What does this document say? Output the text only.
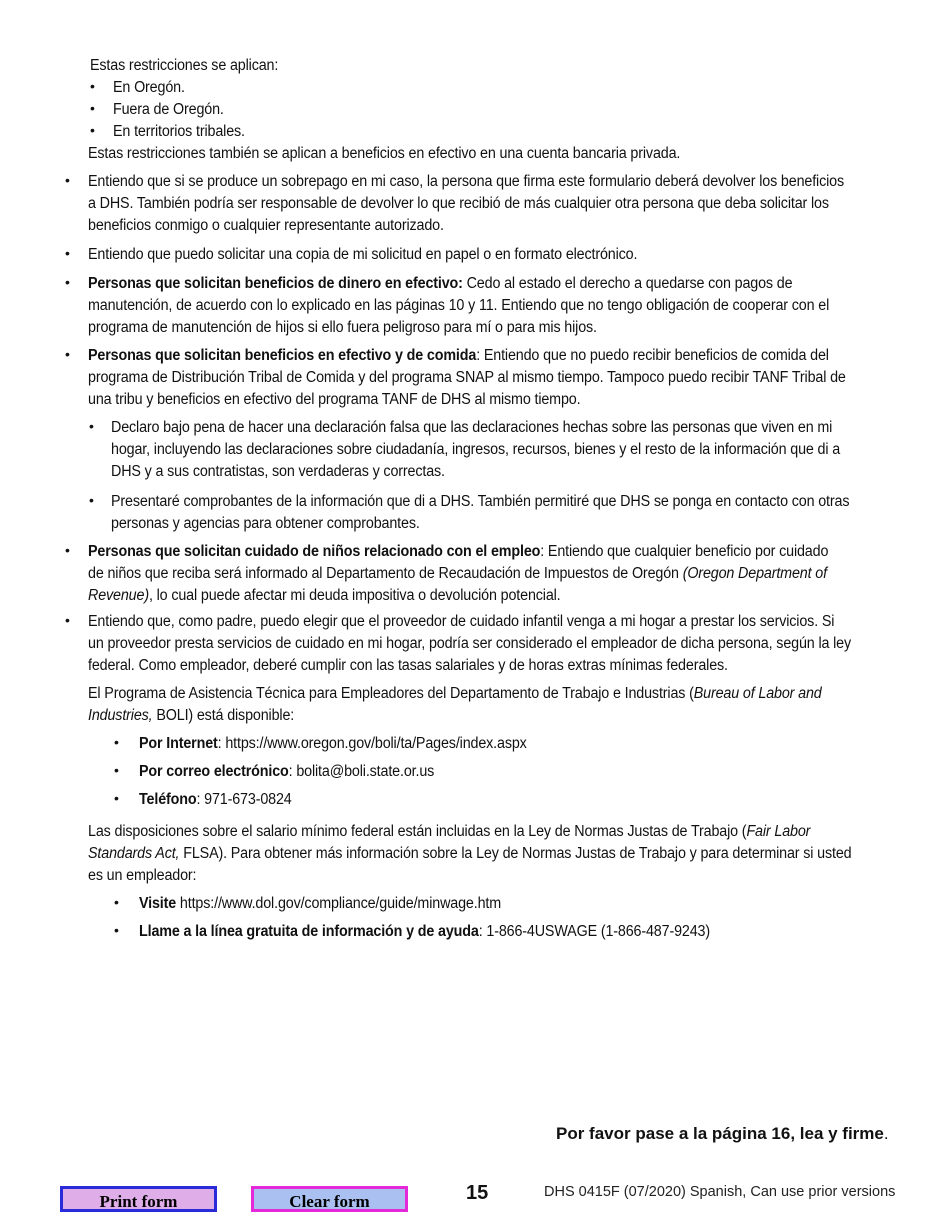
Estas restricciones se aplican:
• En Oregón.
• Fuera de Oregón.
• En territorios tribales.
Estas restricciones también se aplican a beneficios en efectivo en una cuenta bancaria privada.
• Entiendo que si se produce un sobrepago en mi caso, la persona que firma este formulario deberá devolver los beneficios
a DHS. También podría ser responsable de devolver lo que recibió de más cualquier otra persona que deba solicitar los
beneficios conmigo o cualquier representante autorizado.
• Entiendo que puedo solicitar una copia de mi solicitud en papel o en formato electrónico.
• Personas que solicitan beneficios de dinero en efectivo: Cedo al estado el derecho a quedarse con pagos de
manutención, de acuerdo con lo explicado en las páginas 10 y 11. Entiendo que no tengo obligación de cooperar con el
programa de manutención de hijos si ello fuera peligroso para mí o para mis hijos.
• Personas que solicitan beneficios en efectivo y de comida: Entiendo que no puedo recibir beneficios de comida del
programa de Distribución Tribal de Comida y del programa SNAP al mismo tiempo. Tampoco puedo recibir TANF Tribal de
una tribu y beneficios en efectivo del programa TANF de DHS al mismo tiempo.
• Declaro bajo pena de hacer una declaración falsa que las declaraciones hechas sobre las personas que viven en mi
hogar, incluyendo las declaraciones sobre ciudadanía, ingresos, recursos, bienes y el resto de la información que di a
DHS y a sus contratistas, son verdaderas y correctas.
• Presentaré comprobantes de la información que di a DHS. También permitiré que DHS se ponga en contacto con otras
personas y agencias para obtener comprobantes.
• Personas que solicitan cuidado de niños relacionado con el empleo: Entiendo que cualquier beneficio por cuidado
de niños que reciba será informado al Departamento de Recaudación de Impuestos de Oregón (Oregon Department of
Revenue), lo cual puede afectar mi deuda impositiva o devolución potencial.
• Entiendo que, como padre, puedo elegir que el proveedor de cuidado infantil venga a mi hogar a prestar los servicios. Si
un proveedor presta servicios de cuidado en mi hogar, podría ser considerado el empleador de dicha persona, según la ley
federal. Como empleador, deberé cumplir con las tasas salariales y de horas extras mínimas federales.
El Programa de Asistencia Técnica para Empleadores del Departamento de Trabajo e Industrias (Bureau of Labor and
Industries, BOLI) está disponible:
• Por Internet: https://www.oregon.gov/boli/ta/Pages/index.aspx
• Por correo electrónico: bolita@boli.state.or.us
• Teléfono: 971-673-0824
Las disposiciones sobre el salario mínimo federal están incluidas en la Ley de Normas Justas de Trabajo (Fair Labor
Standards Act, FLSA). Para obtener más información sobre la Ley de Normas Justas de Trabajo y para determinar si usted
es un empleador:
• Visite https://www.dol.gov/compliance/guide/minwage.htm
• Llame a la línea gratuita de información y de ayuda: 1-866-4USWAGE (1-866-487-9243)
Por favor pase a la página 16, lea y firme.
Print form	Clear form	15	DHS 0415F (07/2020) Spanish, Can use prior versions
